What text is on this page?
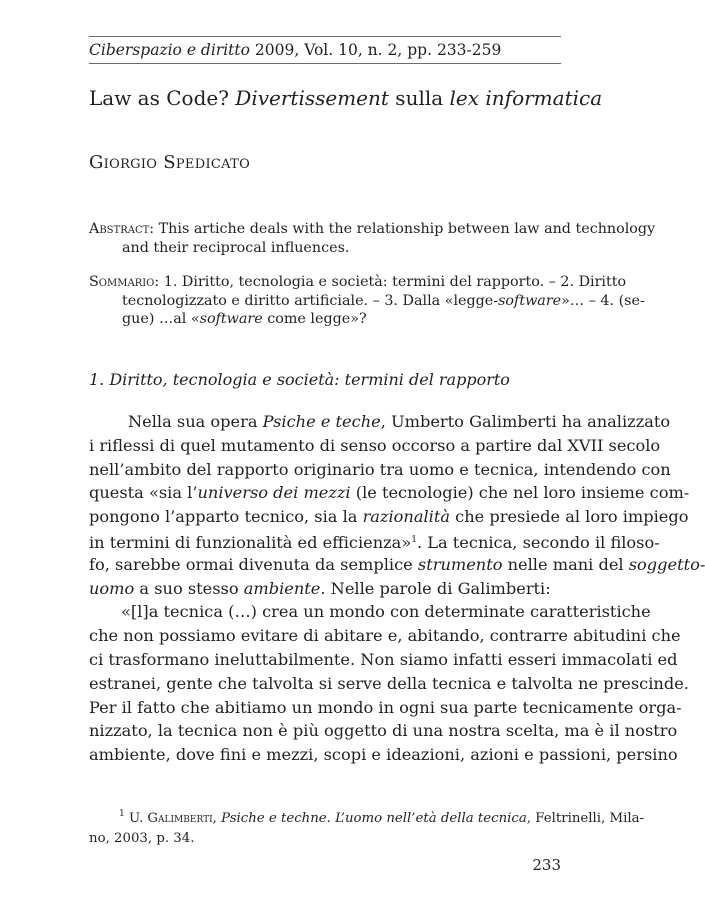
Ciberspazio e diritto 2009, Vol. 10, n. 2, pp. 233-259
Law as Code? Divertissement sulla lex informatica
Giorgio Spedicato
Abstract: This artiche deals with the relationship between law and technology
and their reciprocal influences.
Sommario: 1. Diritto, tecnologia e società: termini del rapporto. – 2. Diritto
tecnologizzato e diritto artificiale. – 3. Dalla «legge-software»… – 4. (se-
gue) …al «software come legge»?
1. Diritto, tecnologia e società: termini del rapporto
Nella sua opera Psiche e teche, Umberto Galimberti ha analizzato
i riflessi di quel mutamento di senso occorso a partire dal XVII secolo
nell’ambito del rapporto originario tra uomo e tecnica, intendendo con
questa «sia l’universo dei mezzi (le tecnologie) che nel loro insieme com-
pongono l’apparto tecnico, sia la razionalità che presiede al loro impiego
in termini di funzionalità ed efficienza»$^1$. La tecnica, secondo il filoso-
fo, sarebbe ormai divenuta da semplice strumento nelle mani del soggetto-
uomo a suo stesso ambiente. Nelle parole di Galimberti:
«[l]a tecnica (…) crea un mondo con determinate caratteristiche
che non possiamo evitare di abitare e, abitando, contrarre abitudini che
ci trasformano ineluttabilmente. Non siamo infatti esseri immacolati ed
estranei, gente che talvolta si serve della tecnica e talvolta ne prescinde.
Per il fatto che abitiamo un mondo in ogni sua parte tecnicamente orga-
nizzato, la tecnica non è più oggetto di una nostra scelta, ma è il nostro
ambiente, dove fini e mezzi, scopi e ideazioni, azioni e passioni, persino
$^1$ U. Galimberti, Psiche e techne. L’uomo nell’età della tecnica, Feltrinelli, Mila-
no, 2003, p. 34.
233
